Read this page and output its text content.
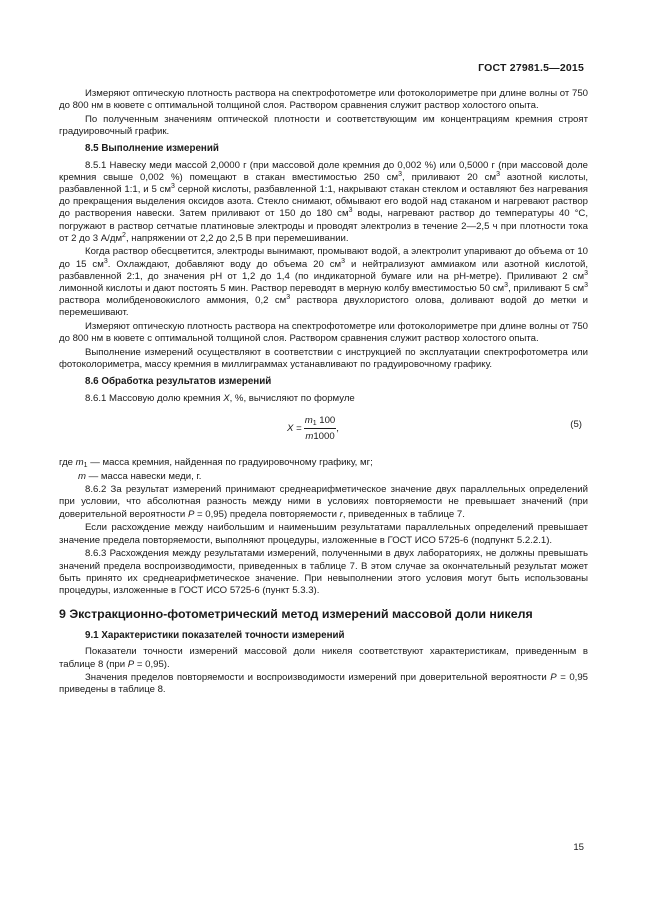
ГОСТ 27981.5—2015

Измеряют оптическую плотность раствора на спектрофотометре или фотоколориметре при длине волны от 750 до 800 нм в кювете с оптимальной толщиной слоя. Раствором сравнения служит раствор холостого опыта.

По полученным значениям оптической плотности и соответствующим им концентрациям кремния строят градуировочный график.

8.5 Выполнение измерений

8.5.1 Навеску меди массой 2,0000 г (при массовой доле кремния до 0,002 %) или 0,5000 г (при массовой доле кремния свыше 0,002 %) помещают в стакан вместимостью 250 $см^3$, приливают 20 $см^3$ азотной кислоты, разбавленной 1:1, и 5 $см^3$ серной кислоты, разбавленной 1:1, накрывают стакан стеклом и оставляют без нагревания до прекращения выделения оксидов азота. Стекло снимают, обмывают его водой над стаканом и нагревают раствор до растворения навески. Затем приливают от 150 до 180 $см^3$ воды, нагревают раствор до температуры 40 °С, погружают в раствор сетчатые платиновые электроды и проводят электролиз в течение 2—2,5 ч при плотности тока от 2 до 3 $А/дм^2$, напряжении от 2,2 до 2,5 В при перемешивании.

Когда раствор обесцветится, электроды вынимают, промывают водой, а электролит упаривают до объема от 10 до 15 $см^3$. Охлаждают, добавляют воду до объема 20 $см^3$ и нейтрализуют аммиаком или азотной кислотой, разбавленной 2:1, до значения pH от 1,2 до 1,4 (по индикаторной бумаге или на pH-метре). Приливают 2 $см^3$ лимонной кислоты и дают постоять 5 мин. Раствор переводят в мерную колбу вместимостью 50 $см^3$, приливают 5 $см^3$ раствора молибденовокислого аммония, 0,2 $см^3$ раствора двухлористого олова, доливают водой до метки и перемешивают.

Измеряют оптическую плотность раствора на спектрофотометре или фотоколориметре при длине волны от 750 до 800 нм в кювете с оптимальной толщиной слоя. Раствором сравнения служит раствор холостого опыта.

Выполнение измерений осуществляют в соответствии с инструкцией по эксплуатации спектрофотометра или фотоколориметра, массу кремния в миллиграммах устанавливают по градуировочному графику.

8.6 Обработка результатов измерений

8.6.1 Массовую долю кремния X, %, вычисляют по формуле

X
= $\frac{m_1 100}{m1000}$ ,	(5)

где $m_1$ — масса кремния, найденная по градуировочному графику, мг;

m — масса навески меди, г.

8.6.2 За результат измерений принимают среднеарифметическое значение двух параллельных определений при условии, что абсолютная разность между ними в условиях повторяемости не превышает значений (при доверительной вероятности P = 0,95) предела повторяемости r, приведенных в таблице 7.

Если расхождение между наибольшим и наименьшим результатами параллельных определений превышает значение предела повторяемости, выполняют процедуры, изложенные в ГОСТ ИСО 5725-6 (подпункт 5.2.2.1).

8.6.3 Расхождения между результатами измерений, полученными в двух лабораториях, не должны превышать значений предела воспроизводимости, приведенных в таблице 7. В этом случае за окончательный результат может быть принято их среднеарифметическое значение. При невыполнении этого условия могут быть использованы процедуры, изложенные в ГОСТ ИСО 5725-6 (пункт 5.3.3).

9 Экстракционно-фотометрический метод измерений массовой доли никеля
9.1 Характеристики показателей точности измерений

Показатели точности измерений массовой доли никеля соответствуют характеристикам, приведенным в таблице 8 (при P = 0,95).

Значения пределов повторяемости и воспроизводимости измерений при доверительной вероятности P = 0,95 приведены в таблице 8.

15
